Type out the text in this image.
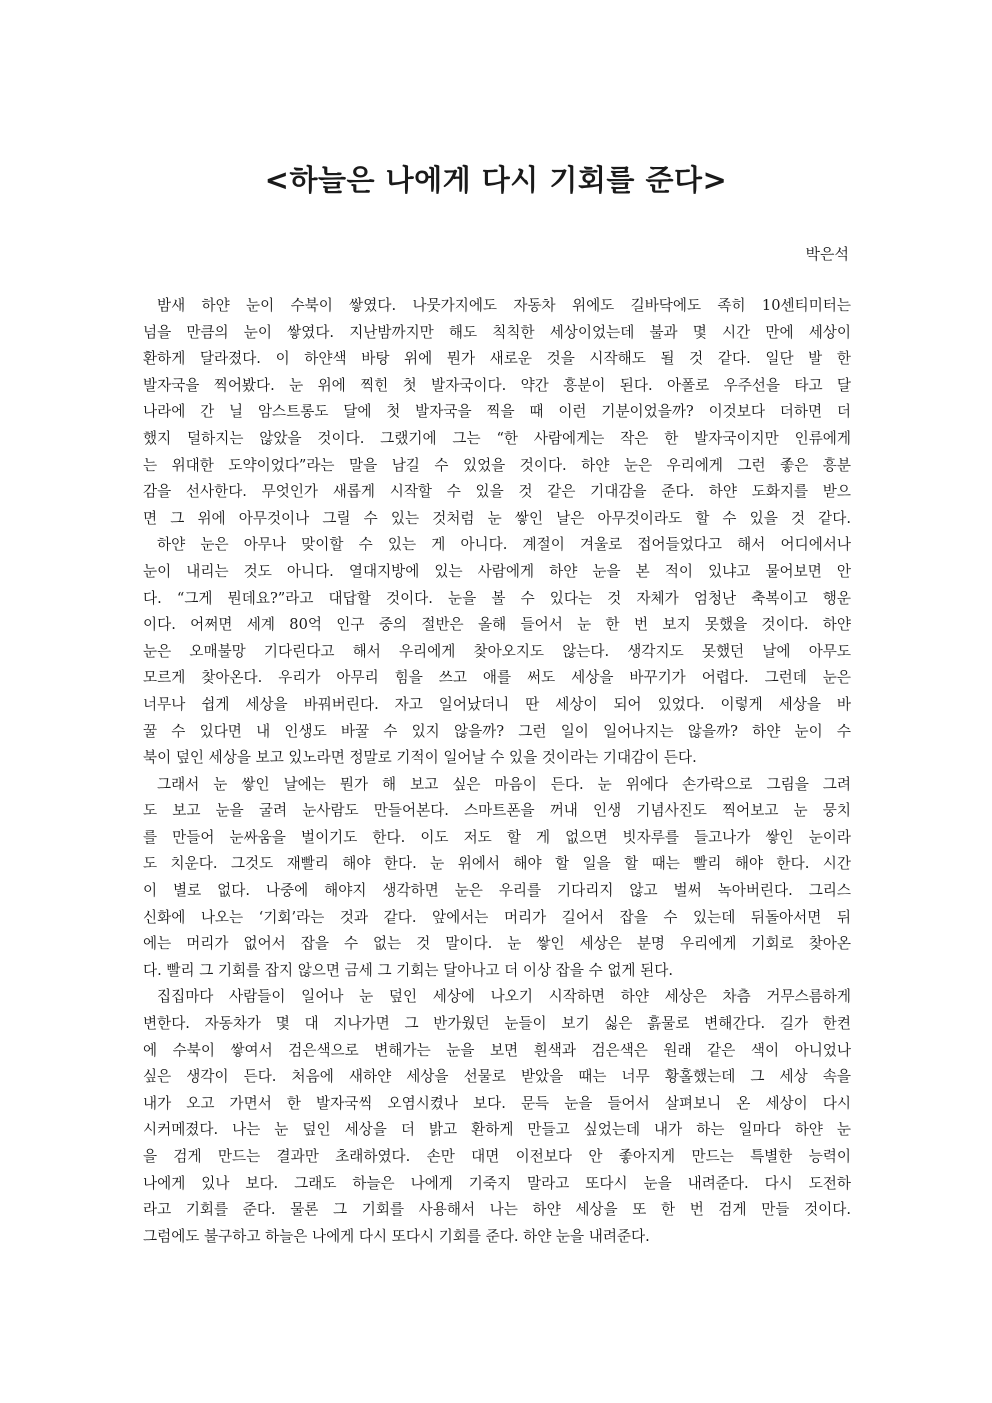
<하늘은 나에게 다시 기회를 준다>

박은석

밤새 하얀 눈이 수북이 쌓였다. 나뭇가지에도 자동차 위에도 길바닥에도 족히 10센티미터는
넘을 만큼의 눈이 쌓였다. 지난밤까지만 해도 칙칙한 세상이었는데 불과 몇 시간 만에 세상이
환하게 달라졌다. 이 하얀색 바탕 위에 뭔가 새로운 것을 시작해도 될 것 같다. 일단 발 한
발자국을 찍어봤다. 눈 위에 찍힌 첫 발자국이다. 약간 흥분이 된다. 아폴로 우주선을 타고 달
나라에 간 닐 암스트롱도 달에 첫 발자국을 찍을 때 이런 기분이었을까? 이것보다 더하면 더
했지 덜하지는 않았을 것이다. 그랬기에 그는 “한 사람에게는 작은 한 발자국이지만 인류에게
는 위대한 도약이었다”라는 말을 남길 수 있었을 것이다. 하얀 눈은 우리에게 그런 좋은 흥분
감을 선사한다. 무엇인가 새롭게 시작할 수 있을 것 같은 기대감을 준다. 하얀 도화지를 받으
면 그 위에 아무것이나 그릴 수 있는 것처럼 눈 쌓인 날은 아무것이라도 할 수 있을 것 같다.
하얀 눈은 아무나 맞이할 수 있는 게 아니다. 계절이 겨울로 접어들었다고 해서 어디에서나
눈이 내리는 것도 아니다. 열대지방에 있는 사람에게 하얀 눈을 본 적이 있냐고 물어보면 안
다. “그게 뭔데요?”라고 대답할 것이다. 눈을 볼 수 있다는 것 자체가 엄청난 축복이고 행운
이다. 어쩌면 세계 80억 인구 중의 절반은 올해 들어서 눈 한 번 보지 못했을 것이다. 하얀
눈은 오매불망 기다린다고 해서 우리에게 찾아오지도 않는다. 생각지도 못했던 날에 아무도
모르게 찾아온다. 우리가 아무리 힘을 쓰고 애를 써도 세상을 바꾸기가 어렵다. 그런데 눈은
너무나 쉽게 세상을 바꿔버린다. 자고 일어났더니 딴 세상이 되어 있었다. 이렇게 세상을 바
꿀 수 있다면 내 인생도 바꿀 수 있지 않을까? 그런 일이 일어나지는 않을까? 하얀 눈이 수
북이 덮인 세상을 보고 있노라면 정말로 기적이 일어날 수 있을 것이라는 기대감이 든다.
그래서 눈 쌓인 날에는 뭔가 해 보고 싶은 마음이 든다. 눈 위에다 손가락으로 그림을 그려
도 보고 눈을 굴려 눈사람도 만들어본다. 스마트폰을 꺼내 인생 기념사진도 찍어보고 눈 뭉치
를 만들어 눈싸움을 벌이기도 한다. 이도 저도 할 게 없으면 빗자루를 들고나가 쌓인 눈이라
도 치운다. 그것도 재빨리 해야 한다. 눈 위에서 해야 할 일을 할 때는 빨리 해야 한다. 시간
이 별로 없다. 나중에 해야지 생각하면 눈은 우리를 기다리지 않고 벌써 녹아버린다. 그리스
신화에 나오는 ‘기회’라는 것과 같다. 앞에서는 머리가 길어서 잡을 수 있는데 뒤돌아서면 뒤
에는 머리가 없어서 잡을 수 없는 것 말이다. 눈 쌓인 세상은 분명 우리에게 기회로 찾아온
다. 빨리 그 기회를 잡지 않으면 금세 그 기회는 달아나고 더 이상 잡을 수 없게 된다.
집집마다 사람들이 일어나 눈 덮인 세상에 나오기 시작하면 하얀 세상은 차츰 거무스름하게
변한다. 자동차가 몇 대 지나가면 그 반가웠던 눈들이 보기 싫은 흙물로 변해간다. 길가 한켠
에 수북이 쌓여서 검은색으로 변해가는 눈을 보면 흰색과 검은색은 원래 같은 색이 아니었나
싶은 생각이 든다. 처음에 새하얀 세상을 선물로 받았을 때는 너무 황홀했는데 그 세상 속을
내가 오고 가면서 한 발자국씩 오염시켰나 보다. 문득 눈을 들어서 살펴보니 온 세상이 다시
시커메졌다. 나는 눈 덮인 세상을 더 밝고 환하게 만들고 싶었는데 내가 하는 일마다 하얀 눈
을 검게 만드는 결과만 초래하였다. 손만 대면 이전보다 안 좋아지게 만드는 특별한 능력이
나에게 있나 보다. 그래도 하늘은 나에게 기죽지 말라고 또다시 눈을 내려준다. 다시 도전하
라고 기회를 준다. 물론 그 기회를 사용해서 나는 하얀 세상을 또 한 번 검게 만들 것이다.
그럼에도 불구하고 하늘은 나에게 다시 또다시 기회를 준다. 하얀 눈을 내려준다.
